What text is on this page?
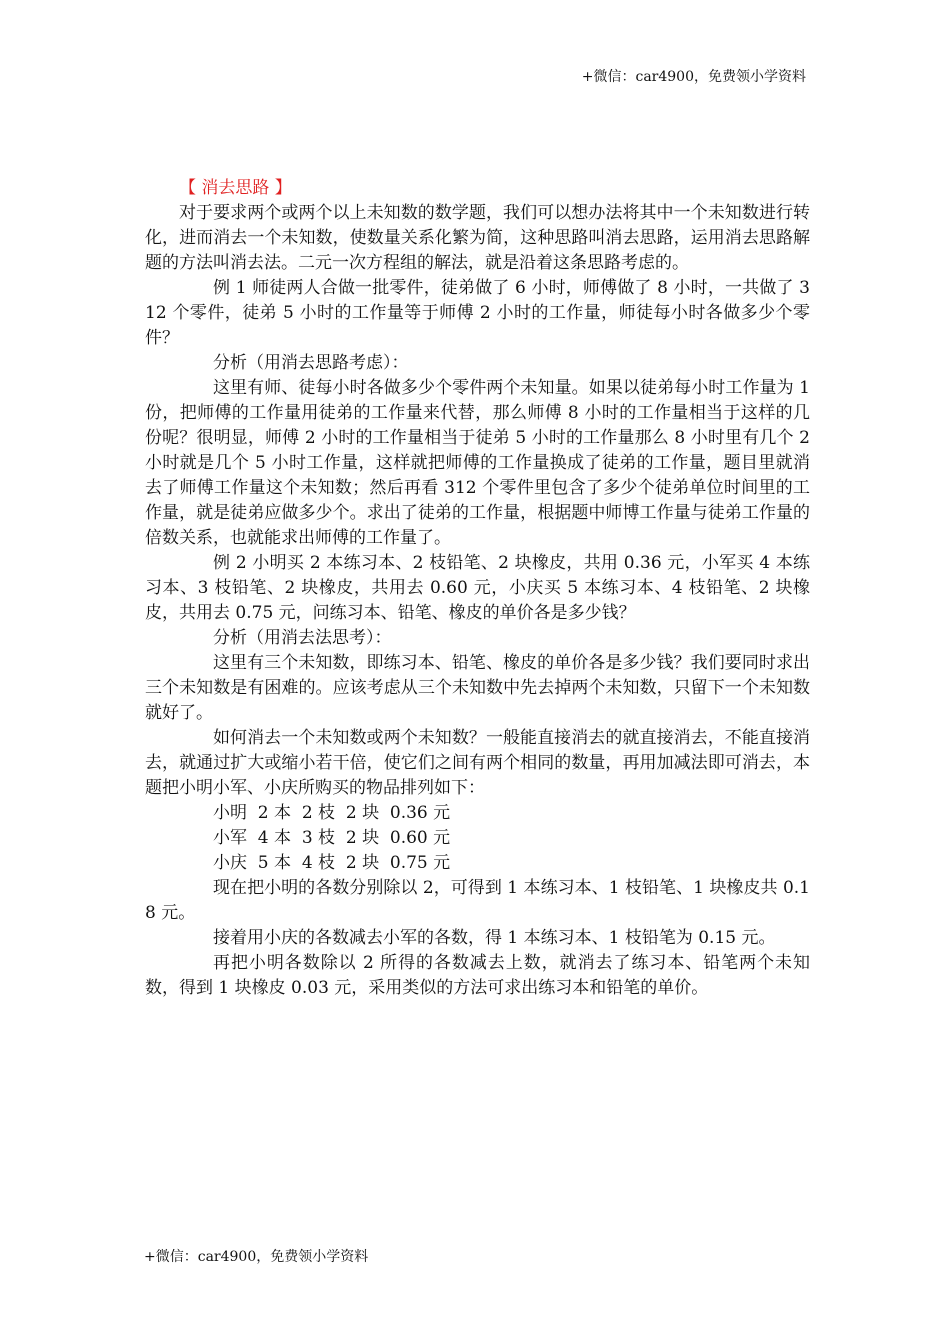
+微信：car4900，免费领小学资料
【 消去思路 】

对于要求两个或两个以上未知数的数学题，我们可以想办法将其中一个未知数进行转化，进而消去一个未知数，使数量关系化繁为简，这种思路叫消去思路，运用消去思路解题的方法叫消去法。二元一次方程组的解法，就是沿着这条思路考虑的。

例 1 师徒两人合做一批零件，徒弟做了 6 小时，师傅做了 8 小时，一共做了 312 个零件，徒弟 5 小时的工作量等于师傅 2 小时的工作量，师徒每小时各做多少个零件？

分析（用消去思路考虑）：

这里有师、徒每小时各做多少个零件两个未知量。如果以徒弟每小时工作量为 1 份，把师傅的工作量用徒弟的工作量来代替，那么师傅 8 小时的工作量相当于这样的几份呢？很明显，师傅 2 小时的工作量相当于徒弟 5 小时的工作量那么 8 小时里有几个 2 小时就是几个 5 小时工作量，这样就把师傅的工作量换成了徒弟的工作量，题目里就消去了师傅工作量这个未知数；然后再看 312 个零件里包含了多少个徒弟单位时间里的工作量，就是徒弟应做多少个。求出了徒弟的工作量，根据题中师博工作量与徒弟工作量的倍数关系，也就能求出师傅的工作量了。

例 2 小明买 2 本练习本、2 枝铅笔、2 块橡皮，共用 0.36 元，小军买 4 本练习本、3 枝铅笔、2 块橡皮，共用去 0.60 元，小庆买 5 本练习本、4 枝铅笔、2 块橡皮，共用去 0.75 元，问练习本、铅笔、橡皮的单价各是多少钱？

分析（用消去法思考）：

这里有三个未知数，即练习本、铅笔、橡皮的单价各是多少钱？我们要同时求出三个未知数是有困难的。应该考虑从三个未知数中先去掉两个未知数，只留下一个未知数就好了。

如何消去一个未知数或两个未知数？一般能直接消去的就直接消去，不能直接消去，就通过扩大或缩小若干倍，使它们之间有两个相同的数量，再用加减法即可消去，本题把小明小军、小庆所购买的物品排列如下：

小明  2 本  2 枝  2 块  0.36 元
小军  4 本  3 枝  2 块  0.60 元
小庆  5 本  4 枝  2 块  0.75 元

现在把小明的各数分别除以 2，可得到 1 本练习本、1 枝铅笔、1 块橡皮共 0.18 元。

接着用小庆的各数减去小军的各数，得 1 本练习本、1 枝铅笔为 0.15 元。

再把小明各数除以 2 所得的各数减去上数，就消去了练习本、铅笔两个未知数，得到 1 块橡皮 0.03 元，采用类似的方法可求出练习本和铅笔的单价。

+微信：car4900，免费领小学资料
